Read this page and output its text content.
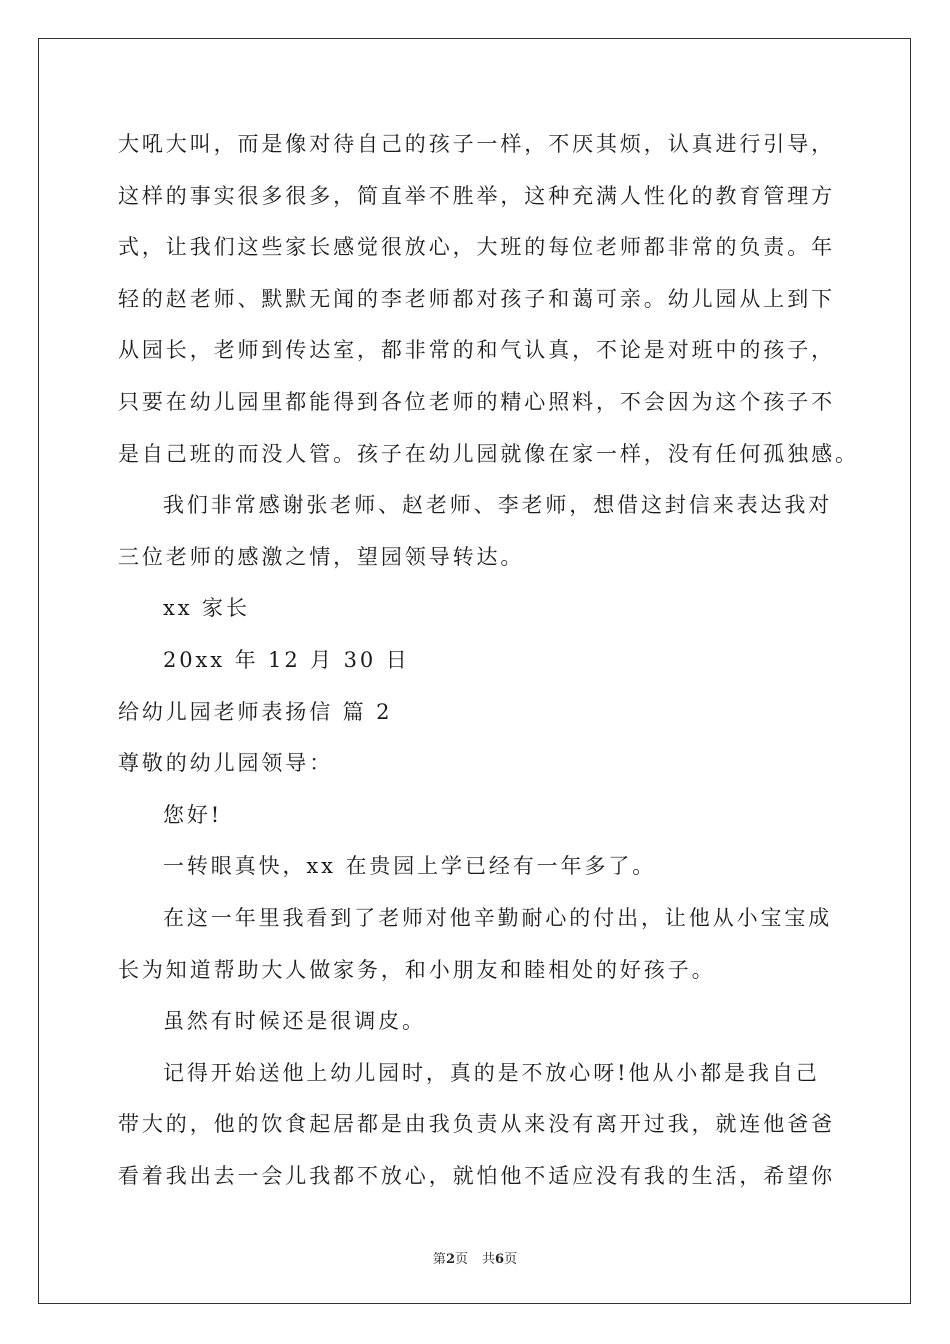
大吼大叫，而是像对待自己的孩子一样，不厌其烦，认真进行引导，
这样的事实很多很多，简直举不胜举，这种充满人性化的教育管理方
式，让我们这些家长感觉很放心，大班的每位老师都非常的负责。年
轻的赵老师、默默无闻的李老师都对孩子和蔼可亲。幼儿园从上到下
从园长，老师到传达室，都非常的和气认真，不论是对班中的孩子，
只要在幼儿园里都能得到各位老师的精心照料，不会因为这个孩子不
是自己班的而没人管。孩子在幼儿园就像在家一样，没有任何孤独感。
我们非常感谢张老师、赵老师、李老师，想借这封信来表达我对
三位老师的感激之情，望园领导转达。
xx 家长
20xx 年 12 月 30 日
给幼儿园老师表扬信 篇 2
尊敬的幼儿园领导：
您好!
一转眼真快，xx 在贵园上学已经有一年多了。
在这一年里我看到了老师对他辛勤耐心的付出，让他从小宝宝成
长为知道帮助大人做家务，和小朋友和睦相处的好孩子。
虽然有时候还是很调皮。
记得开始送他上幼儿园时，真的是不放心呀!他从小都是我自己
带大的，他的饮食起居都是由我负责从来没有离开过我，就连他爸爸
看着我出去一会儿我都不放心，就怕他不适应没有我的生活，希望你
第2页 共6页
